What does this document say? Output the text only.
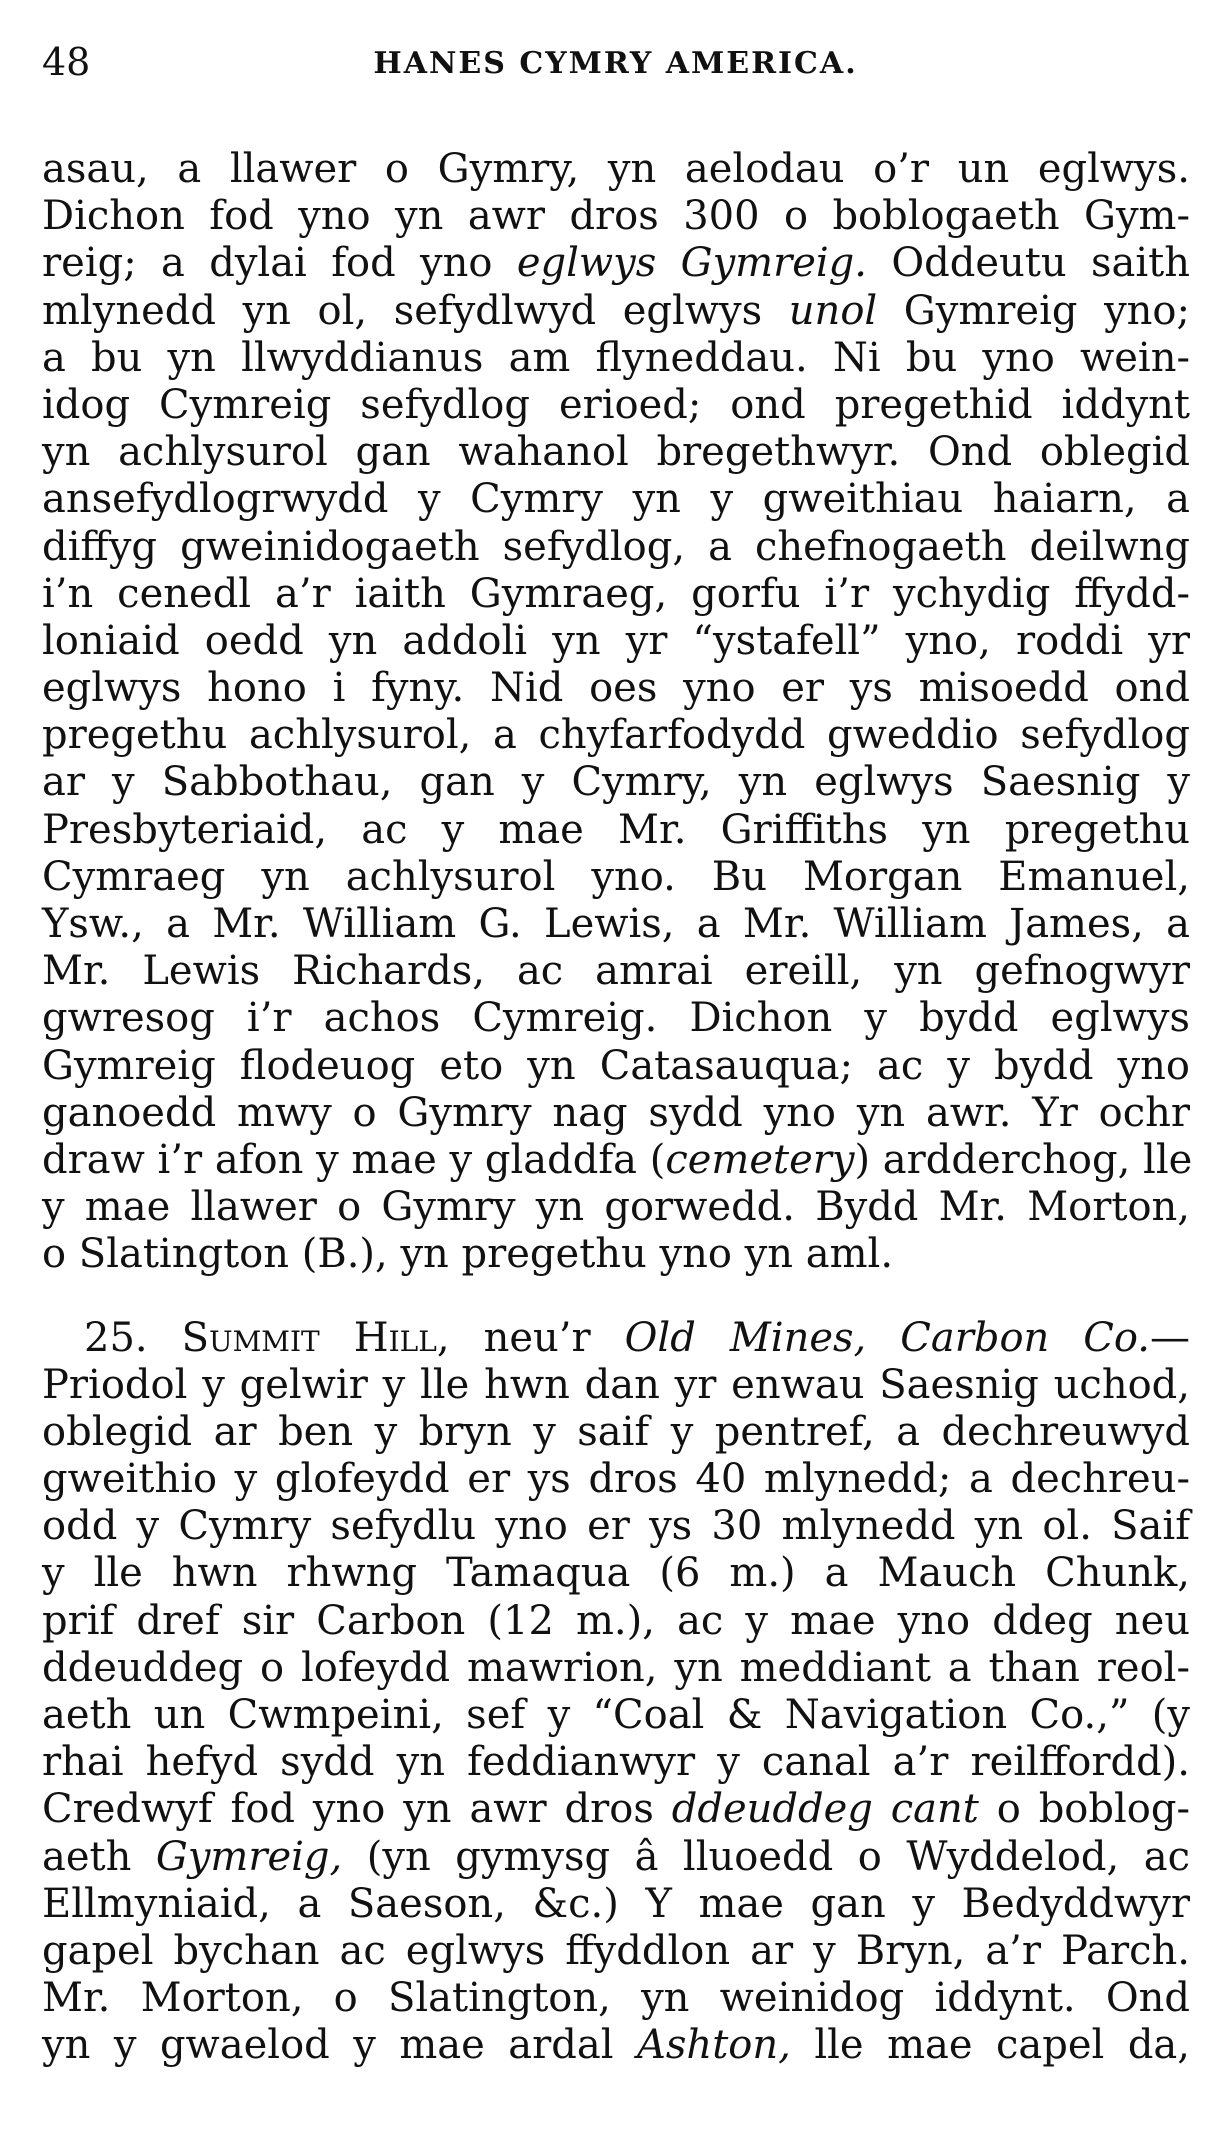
48	HANES CYMRY AMERICA.
asau, a llawer o Gymry, yn aelodau o’r un eglwys.
Dichon fod yno yn awr dros 300 o boblogaeth Gym-
reig; a dylai fod yno eglwys Gymreig. Oddeutu saith
mlynedd yn ol, sefydlwyd eglwys unol Gymreig yno;
a bu yn llwyddianus am flyneddau. Ni bu yno wein-
idog Cymreig sefydlog erioed; ond pregethid iddynt
yn achlysurol gan wahanol bregethwyr. Ond oblegid
ansefydlogrwydd y Cymry yn y gweithiau haiarn, a
diffyg gweinidogaeth sefydlog, a chefnogaeth deilwng
i’n cenedl a’r iaith Gymraeg, gorfu i’r ychydig ffydd-
loniaid oedd yn addoli yn yr “ystafell” yno, roddi yr
eglwys hono i fyny. Nid oes yno er ys misoedd ond
pregethu achlysurol, a chyfarfodydd gweddio sefydlog
ar y Sabbothau, gan y Cymry, yn eglwys Saesnig y
Presbyteriaid, ac y mae Mr. Griffiths yn pregethu
Cymraeg yn achlysurol yno. Bu Morgan Emanuel,
Ysw., a Mr. William G. Lewis, a Mr. William James, a
Mr. Lewis Richards, ac amrai ereill, yn gefnogwyr
gwresog i’r achos Cymreig. Dichon y bydd eglwys
Gymreig flodeuog eto yn Catasauqua; ac y bydd yno
ganoedd mwy o Gymry nag sydd yno yn awr. Yr ochr
draw i’r afon y mae y gladdfa (cemetery) ardderchog, lle
y mae llawer o Gymry yn gorwedd. Bydd Mr. Morton,
o Slatington (B.), yn pregethu yno yn aml.
25. Summit Hill, neu’r Old Mines, Carbon Co.—
Priodol y gelwir y lle hwn dan yr enwau Saesnig uchod,
oblegid ar ben y bryn y saif y pentref, a dechreuwyd
gweithio y glofeydd er ys dros 40 mlynedd; a dechreu-
odd y Cymry sefydlu yno er ys 30 mlynedd yn ol. Saif
y lle hwn rhwng Tamaqua (6 m.) a Mauch Chunk,
prif dref sir Carbon (12 m.), ac y mae yno ddeg neu
ddeuddeg o lofeydd mawrion, yn meddiant a than reol-
aeth un Cwmpeini, sef y “Coal & Navigation Co.,” (y
rhai hefyd sydd yn feddianwyr y canal a’r reilffordd).
Credwyf fod yno yn awr dros ddeuddeg cant o boblog-
aeth Gymreig, (yn gymysg â lluoedd o Wyddelod, ac
Ellmyniaid, a Saeson, &c.) Y mae gan y Bedyddwyr
gapel bychan ac eglwys ffyddlon ar y Bryn, a’r Parch.
Mr. Morton, o Slatington, yn weinidog iddynt. Ond
yn y gwaelod y mae ardal Ashton, lle mae capel da,
